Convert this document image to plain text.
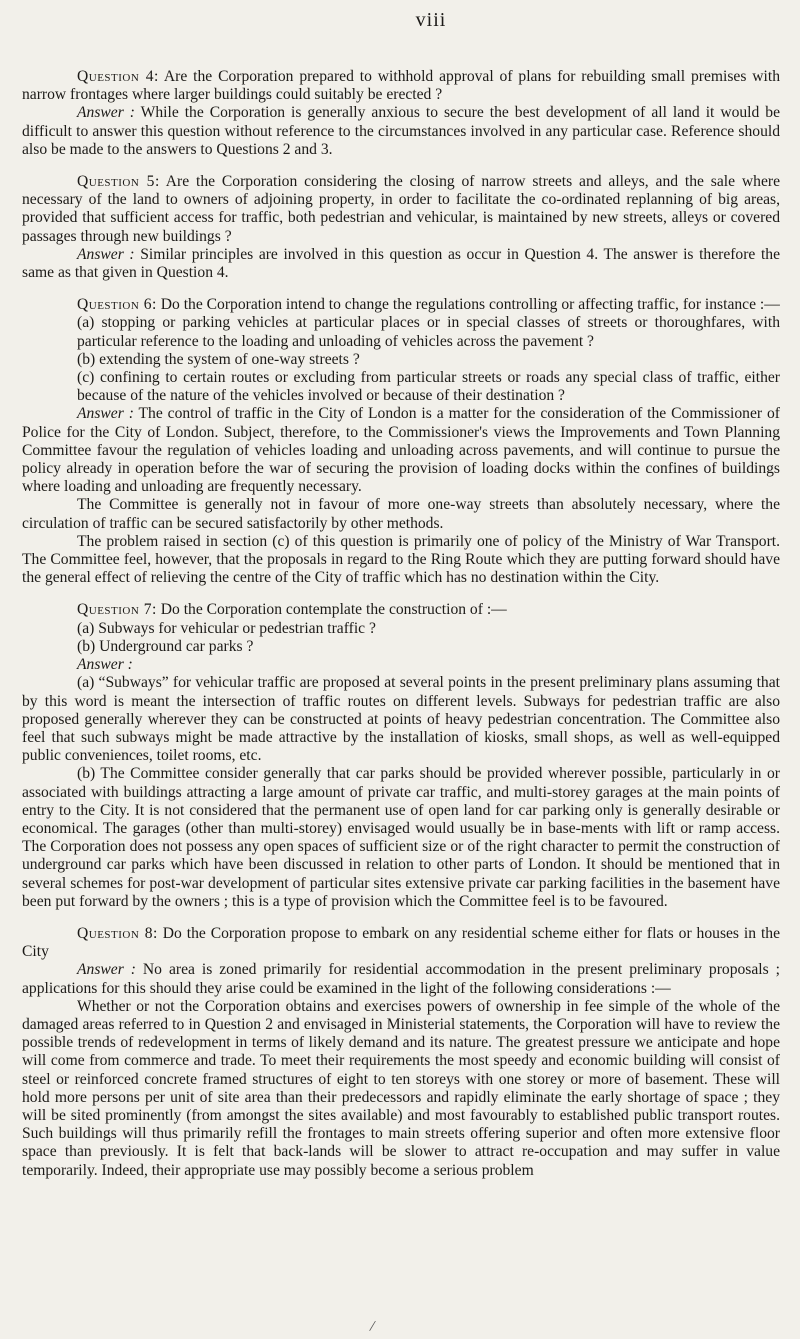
viii

Question 4: Are the Corporation prepared to withhold approval of plans for rebuilding small premises with narrow frontages where larger buildings could suitably be erected ?

Answer : While the Corporation is generally anxious to secure the best development of all land it would be difficult to answer this question without reference to the circumstances involved in any particular case. Reference should also be made to the answers to Questions 2 and 3.

Question 5: Are the Corporation considering the closing of narrow streets and alleys, and the sale where necessary of the land to owners of adjoining property, in order to facilitate the co-ordinated replanning of big areas, provided that sufficient access for traffic, both pedestrian and vehicular, is maintained by new streets, alleys or covered passages through new buildings ?

Answer : Similar principles are involved in this question as occur in Question 4. The answer is therefore the same as that given in Question 4.

Question 6: Do the Corporation intend to change the regulations controlling or affecting traffic, for instance :—

(a) stopping or parking vehicles at particular places or in special classes of streets or thoroughfares, with particular reference to the loading and unloading of vehicles across the pavement ?

(b) extending the system of one-way streets ?

(c) confining to certain routes or excluding from particular streets or roads any special class of traffic, either because of the nature of the vehicles involved or because of their destination ?

Answer : The control of traffic in the City of London is a matter for the consideration of the Commissioner of Police for the City of London. Subject, therefore, to the Commissioner's views the Improvements and Town Planning Committee favour the regulation of vehicles loading and unloading across pavements, and will continue to pursue the policy already in operation before the war of securing the provision of loading docks within the confines of buildings where loading and unloading are frequently necessary.

The Committee is generally not in favour of more one-way streets than absolutely necessary, where the circulation of traffic can be secured satisfactorily by other methods.

The problem raised in section (c) of this question is primarily one of policy of the Ministry of War Transport. The Committee feel, however, that the proposals in regard to the Ring Route which they are putting forward should have the general effect of relieving the centre of the City of traffic which has no destination within the City.

Question 7: Do the Corporation contemplate the construction of :—

(a) Subways for vehicular or pedestrian traffic ?

(b) Underground car parks ?

Answer :

(a) “Subways” for vehicular traffic are proposed at several points in the present preliminary plans assuming that by this word is meant the intersection of traffic routes on different levels. Subways for pedestrian traffic are also proposed generally wherever they can be constructed at points of heavy pedestrian concentration. The Committee also feel that such subways might be made attractive by the installation of kiosks, small shops, as well as well-equipped public conveniences, toilet rooms, etc.

(b) The Committee consider generally that car parks should be provided wherever possible, particularly in or associated with buildings attracting a large amount of private car traffic, and multi-storey garages at the main points of entry to the City. It is not considered that the permanent use of open land for car parking only is generally desirable or economical. The garages (other than multi-storey) envisaged would usually be in base-ments with lift or ramp access. The Corporation does not possess any open spaces of sufficient size or of the right character to permit the construction of underground car parks which have been discussed in relation to other parts of London. It should be mentioned that in several schemes for post-war development of particular sites extensive private car parking facilities in the basement have been put forward by the owners ; this is a type of provision which the Committee feel is to be favoured.

Question 8: Do the Corporation propose to embark on any residential scheme either for flats or houses in the City

Answer : No area is zoned primarily for residential accommodation in the present preliminary proposals ; applications for this should they arise could be examined in the light of the following considerations :—

Whether or not the Corporation obtains and exercises powers of ownership in fee simple of the whole of the damaged areas referred to in Question 2 and envisaged in Ministerial statements, the Corporation will have to review the possible trends of redevelopment in terms of likely demand and its nature. The greatest pressure we anticipate and hope will come from commerce and trade. To meet their requirements the most speedy and economic building will consist of steel or reinforced concrete framed structures of eight to ten storeys with one storey or more of basement. These will hold more persons per unit of site area than their predecessors and rapidly eliminate the early shortage of space ; they will be sited prominently (from amongst the sites available) and most favourably to established public transport routes. Such buildings will thus primarily refill the frontages to main streets offering superior and often more extensive floor space than previously. It is felt that back-lands will be slower to attract re-occupation and may suffer in value temporarily. Indeed, their appropriate use may possibly become a serious problem

/
